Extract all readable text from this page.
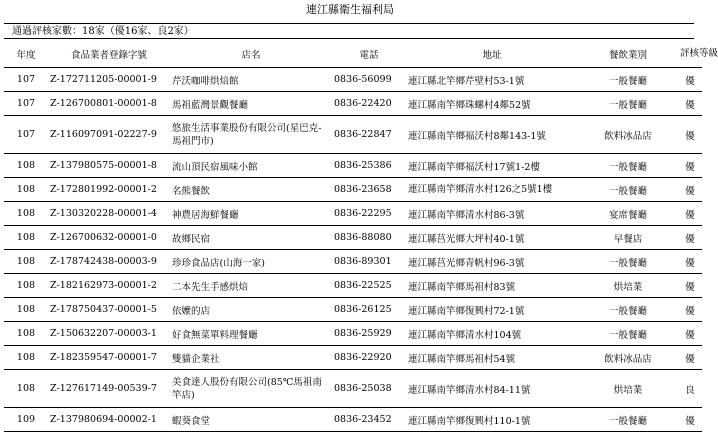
連江縣衛生福利局
通過評核家數：18家（優16家、良2家）
年度	食品業者登錄字號	店名	電話	地址	餐飲業別	評核等級
107	Z-172711205-00001-9	芹沃咖啡烘焙館	0836-56099	連江縣北竿鄉芹壁村53-1號	一般餐廳	優
107	Z-126700801-00001-8	馬祖藍灣景觀餐廳	0836-22420	連江縣南竿鄉珠螺村4鄰52號	一般餐廳	優
107	Z-116097091-02227-9	悠旅生活事業股份有限公司(星巴克-馬祖門市)	0836-22847	連江縣南竿鄉福沃村8鄰143-1號	飲料冰品店	優
108	Z-137980575-00001-8	流山頂民宿風味小館	0836-25386	連江縣南竿鄉福沃村17號1-2樓	一般餐廳	優
108	Z-172801992-00001-2	名熊餐飲	0836-23658	連江縣南竿鄉清水村126之5號1樓	一般餐廳	優
108	Z-130320228-00001-4	神農居海鮮餐廳	0836-22295	連江縣南竿鄉清水村86-3號	宴席餐廳	優
108	Z-126700632-00001-0	故鄉民宿	0836-88080	連江縣莒光鄉大坪村40-1號	早餐店	優
108	Z-178742438-00003-9	珍珍食品店(山海一家)	0836-89301	連江縣莒光鄉青帆村96-3號	一般餐廳	優
108	Z-182162973-00001-2	二本先生手感烘焙	0836-22525	連江縣南竿鄉馬祖村83號	烘培業	優
108	Z-178750437-00001-5	依嬤的店	0836-26125	連江縣南竿鄉復興村72-1號	一般餐廳	優
108	Z-150632207-00003-1	好食無菜單料理餐廳	0836-25929	連江縣南竿鄉清水村104號	一般餐廳	優
108	Z-182359547-00001-7	雙貓企業社	0836-22920	連江縣南竿鄉馬祖村54號	飲料冰品店	優
108	Z-127617149-00539-7	美食達人股份有限公司(85℃馬祖南竿店)	0836-25038	連江縣南竿鄉清水村84-11號	烘培業	良
109	Z-137980694-00002-1	蝦葵食堂	0836-23452	連江縣南竿鄉復興村110-1號	一般餐廳	優
